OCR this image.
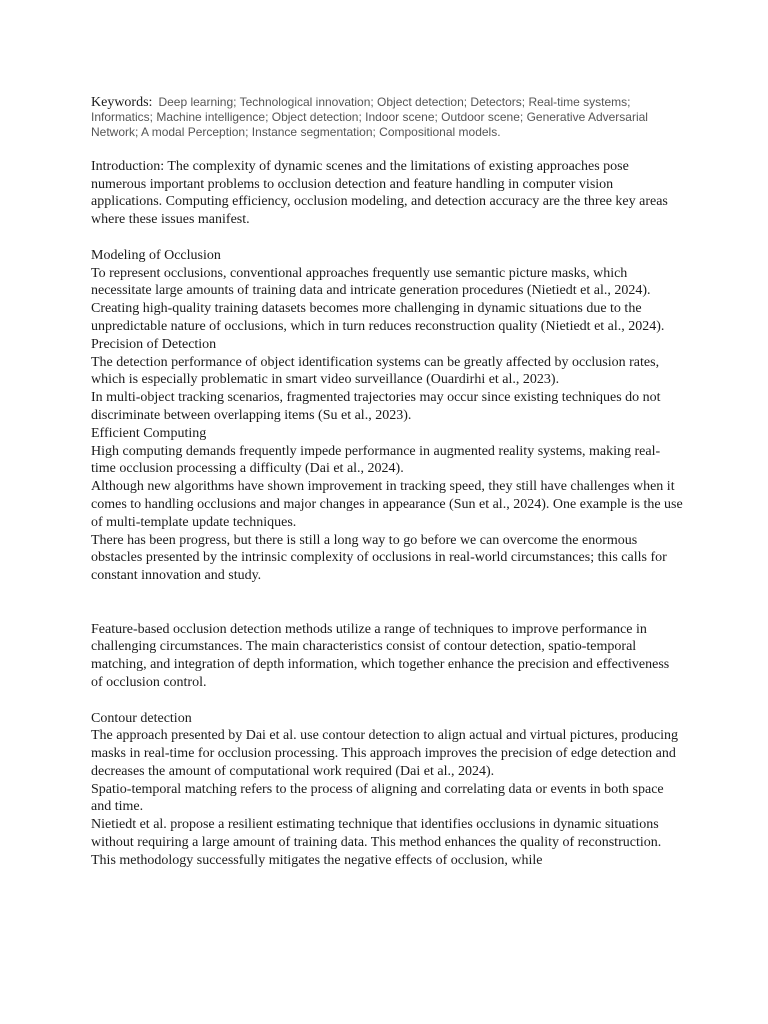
Keywords: Deep learning; Technological innovation; Object detection; Detectors; Real-time systems; Informatics; Machine intelligence; Object detection; Indoor scene; Outdoor scene; Generative Adversarial Network; A modal Perception; Instance segmentation; Compositional models.

Introduction: The complexity of dynamic scenes and the limitations of existing approaches pose numerous important problems to occlusion detection and feature handling in computer vision applications. Computing efficiency, occlusion modeling, and detection accuracy are the three key areas where these issues manifest.

Modeling of Occlusion

To represent occlusions, conventional approaches frequently use semantic picture masks, which necessitate large amounts of training data and intricate generation procedures (Nietiedt et al., 2024).

Creating high-quality training datasets becomes more challenging in dynamic situations due to the unpredictable nature of occlusions, which in turn reduces reconstruction quality (Nietiedt et al., 2024).

Precision of Detection

The detection performance of object identification systems can be greatly affected by occlusion rates, which is especially problematic in smart video surveillance (Ouardirhi et al., 2023).

In multi-object tracking scenarios, fragmented trajectories may occur since existing techniques do not discriminate between overlapping items (Su et al., 2023).

Efficient Computing

High computing demands frequently impede performance in augmented reality systems, making real-time occlusion processing a difficulty (Dai et al., 2024).

Although new algorithms have shown improvement in tracking speed, they still have challenges when it comes to handling occlusions and major changes in appearance (Sun et al., 2024). One example is the use of multi-template update techniques.

There has been progress, but there is still a long way to go before we can overcome the enormous obstacles presented by the intrinsic complexity of occlusions in real-world circumstances; this calls for constant innovation and study.

Feature-based occlusion detection methods utilize a range of techniques to improve performance in challenging circumstances. The main characteristics consist of contour detection, spatio-temporal matching, and integration of depth information, which together enhance the precision and effectiveness of occlusion control.

Contour detection

The approach presented by Dai et al. use contour detection to align actual and virtual pictures, producing masks in real-time for occlusion processing. This approach improves the precision of edge detection and decreases the amount of computational work required (Dai et al., 2024).

Spatio-temporal matching refers to the process of aligning and correlating data or events in both space and time.

Nietiedt et al. propose a resilient estimating technique that identifies occlusions in dynamic situations without requiring a large amount of training data. This method enhances the quality of reconstruction. This methodology successfully mitigates the negative effects of occlusion, while
